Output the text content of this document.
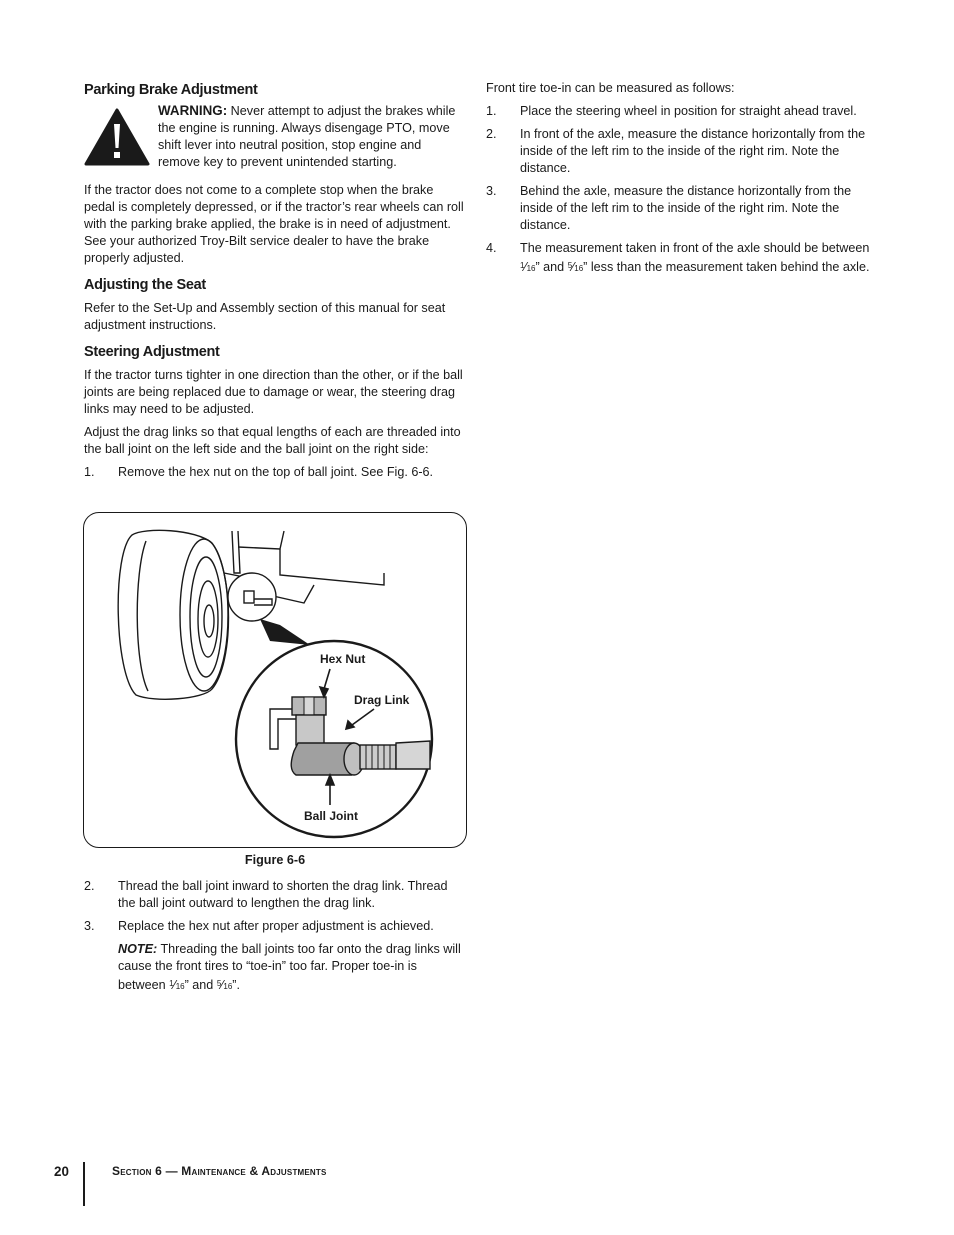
Parking Brake Adjustment

WARNING: Never attempt to adjust the brakes while the engine is running. Always disengage PTO, move shift lever into neutral position, stop engine and remove key to prevent unintended starting.

If the tractor does not come to a complete stop when the brake pedal is completely depressed, or if the tractor’s rear wheels can roll with the parking brake applied, the brake is in need of adjustment. See your authorized Troy-Bilt service dealer to have the brake properly adjusted.

Adjusting the Seat

Refer to the Set-Up and Assembly section of this manual for seat adjustment instructions.

Steering Adjustment

If the tractor turns tighter in one direction than the other, or if the ball joints are being replaced due to damage or wear, the steering drag links may need to be adjusted.

Adjust the drag links so that equal lengths of each are threaded into the ball joint on the left side and the ball joint on the right side:

1. Remove the hex nut on the top of ball joint. See Fig. 6-6.

Hex Nut
Drag Link
Ball Joint
Figure 6-6
2. Thread the ball joint inward to shorten the drag link. Thread the ball joint outward to lengthen the drag link.

3. Replace the hex nut after proper adjustment is achieved.

NOTE: Threading the ball joints too far onto the drag links will cause the front tires to “toe-in” too far. Proper toe-in is between $^1$⁄16” and $^5$⁄16”.

Front tire toe-in can be measured as follows:

1. Place the steering wheel in position for straight ahead travel.

2. In front of the axle, measure the distance horizontally from the inside of the left rim to the inside of the right rim. Note the distance.

3. Behind the axle, measure the distance horizontally from the inside of the left rim to the inside of the right rim. Note the distance.

4. The measurement taken in front of the axle should be between $^1$⁄16” and $^5$⁄16” less than the measurement taken behind the axle.

20	Section 6 — Maintenance & Adjustments
